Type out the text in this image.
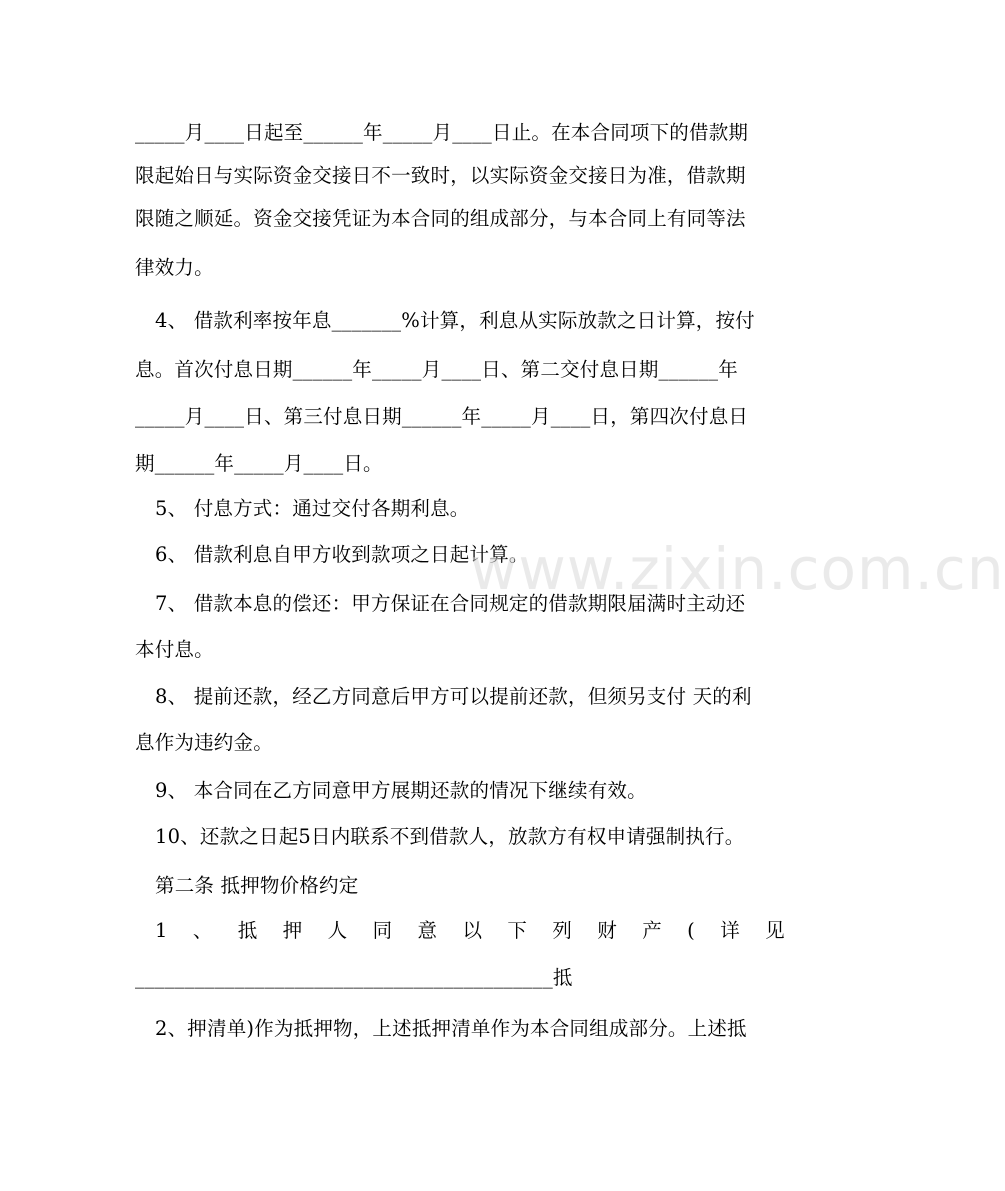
_____月____日起至______年_____月____日止。在本合同项下的借款期
限起始日与实际资金交接日不一致时，以实际资金交接日为准，借款期
限随之顺延。资金交接凭证为本合同的组成部分，与本合同上有同等法
律效力。
4、 借款利率按年息_______%计算，利息从实际放款之日计算，按付
息。首次付息日期______年_____月____日、第二交付息日期______年
_____月____日、第三付息日期______年_____月____日，第四次付息日
期______年_____月____日。
5、 付息方式：通过交付各期利息。
6、 借款利息自甲方收到款项之日起计算。
7、 借款本息的偿还：甲方保证在合同规定的借款期限届满时主动还
本付息。
8、 提前还款，经乙方同意后甲方可以提前还款，但须另支付 天的利
息作为违约金。
9、 本合同在乙方同意甲方展期还款的情况下继续有效。
10、还款之日起5日内联系不到借款人，放款方有权申请强制执行。
第二条 抵押物价格约定
1 、 抵 押 人 同 意 以 下 列 财 产 ( 详 见
__________________________________________抵
2、押清单)作为抵押物，上述抵押清单作为本合同组成部分。上述抵
www.zixin.com.cn
